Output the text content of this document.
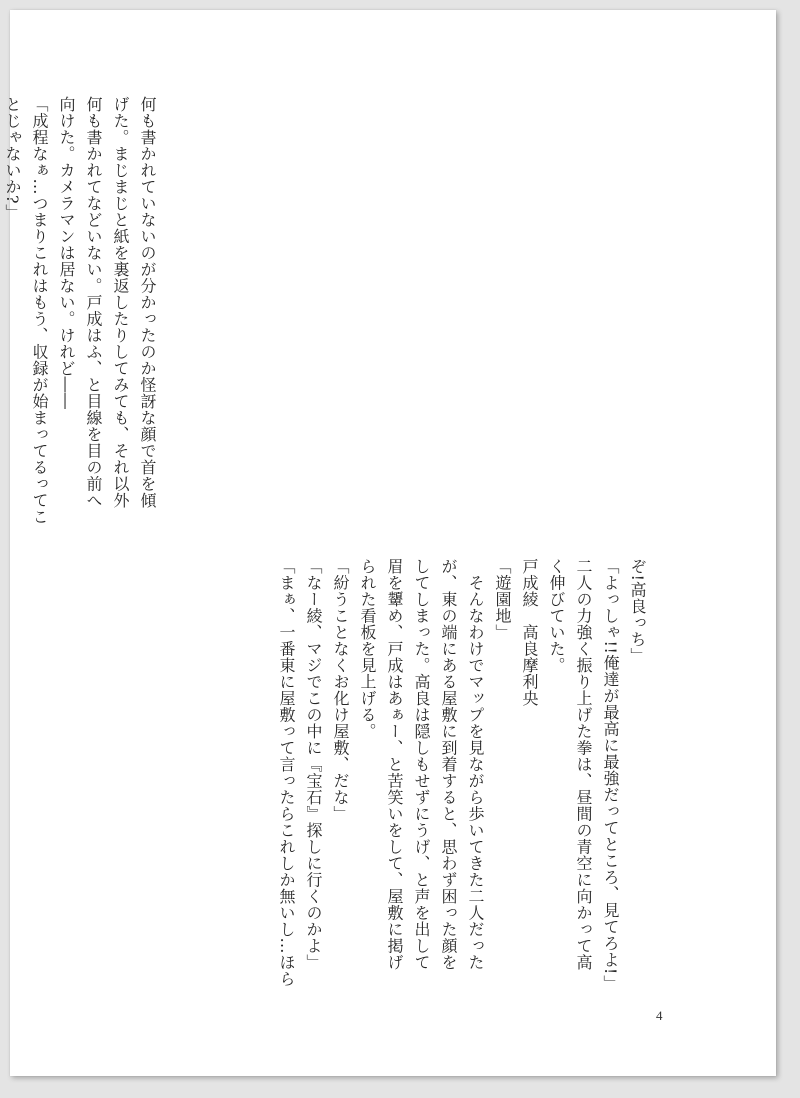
何も書かれていないのが分かったのか怪訝な顔で首を傾

げた。まじまじと紙を裏返したりしてみても、それ以外

何も書かれてなどいない。戸成はふ、と目線を目の前へ

向けた。カメラマンは居ない。けれど――

「成程なぁ…つまりこれはもう、収録が始まってるってこ

とじゃないか?」

ぞ!高良っち」

「よっしゃ!!俺達が最高に最強だってところ、見てろよ!」

二人の力強く振り上げた拳は、昼間の青空に向かって高

く伸びていた。

戸成綾　高良摩利央

「遊園地」

　そんなわけでマップを見ながら歩いてきた二人だった

が、東の端にある屋敷に到着すると、思わず困った顔を

してしまった。高良は隠しもせずにうげ、と声を出して

眉を顰め、戸成はあぁー、と苦笑いをして、屋敷に掲げ

られた看板を見上げる。

「紛うことなくお化け屋敷、だな」

「なー綾、マジでこの中に『宝石』探しに行くのかよ」

「まぁ、一番東に屋敷って言ったらこれしか無いし…ほら

4
